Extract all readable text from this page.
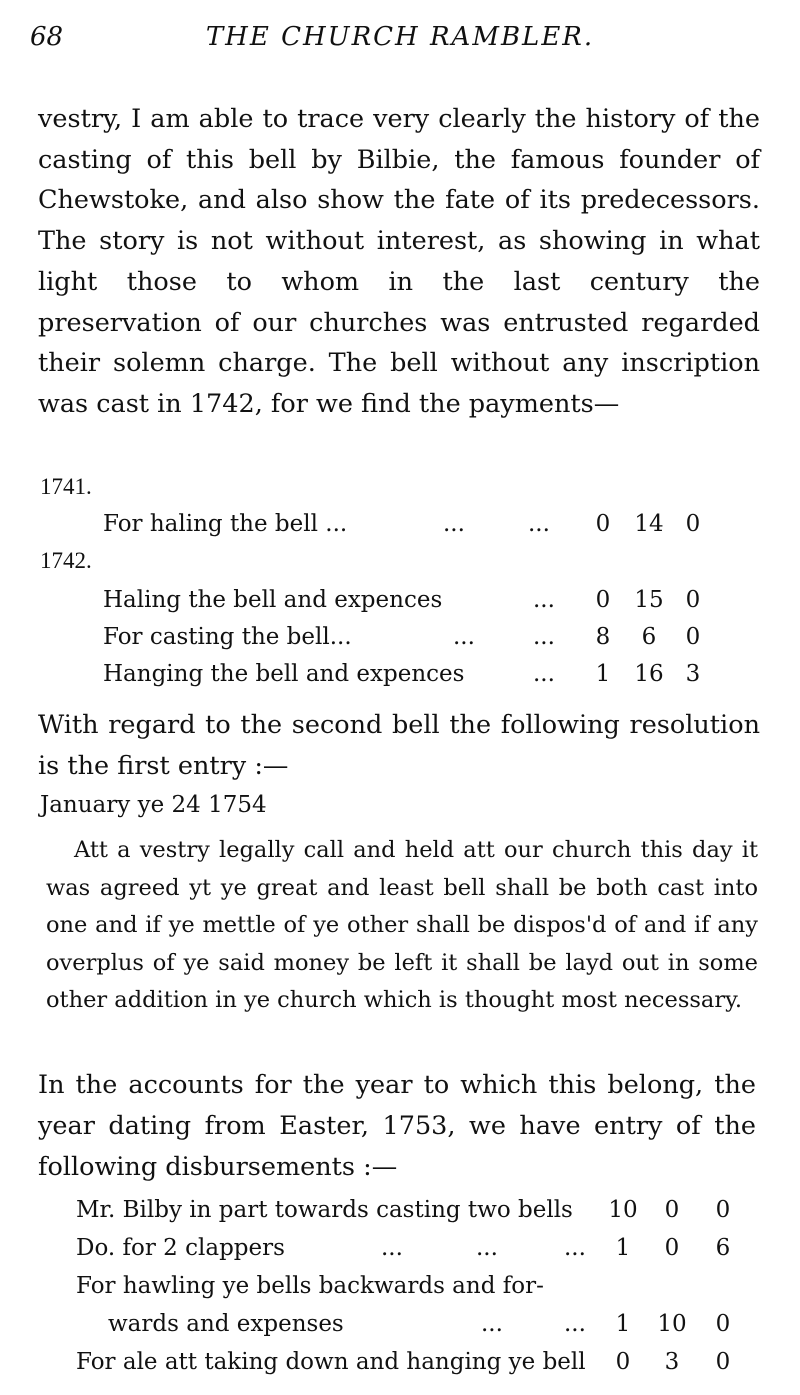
68	THE CHURCH RAMBLER.

vestry, I am able to trace very clearly the history of the casting of this bell by Bilbie, the famous founder of Chewstoke, and also show the fate of its predecessors. The story is not without interest, as showing in what light those to whom in the last century the preservation of our churches was entrusted regarded their solemn charge. The bell without any inscription was cast in 1742, for we find the payments—

1741.
For haling the bell ...	...	...	0	14 0
1742.
Haling the bell and expences	...	0	15 0
For casting the bell...	...	...	8	6	0
Hanging the bell and expences	...	1	16 3

With regard to the second bell the following resolution is the first entry :—

January ye 24 1754

Att a vestry legally call and held att our church this day it was agreed yt ye great and least bell shall be both cast into one and if ye mettle of ye other shall be dispos'd of and if any overplus of ye said money be left it shall be layd out in some other addition in ye church which is thought most necessary.

In the accounts for the year to which this belong, the year dating from Easter, 1753, we have entry of the following disbursements :—

Mr. Bilby in part towards casting two bells 10	0	0
Do. for 2 clappers	...	...	...	1	0	6
For hawling ye bells backwards and for-
wards and expenses	...	...	1	10	0
For ale att taking down and hanging ye bell	0	3	0
